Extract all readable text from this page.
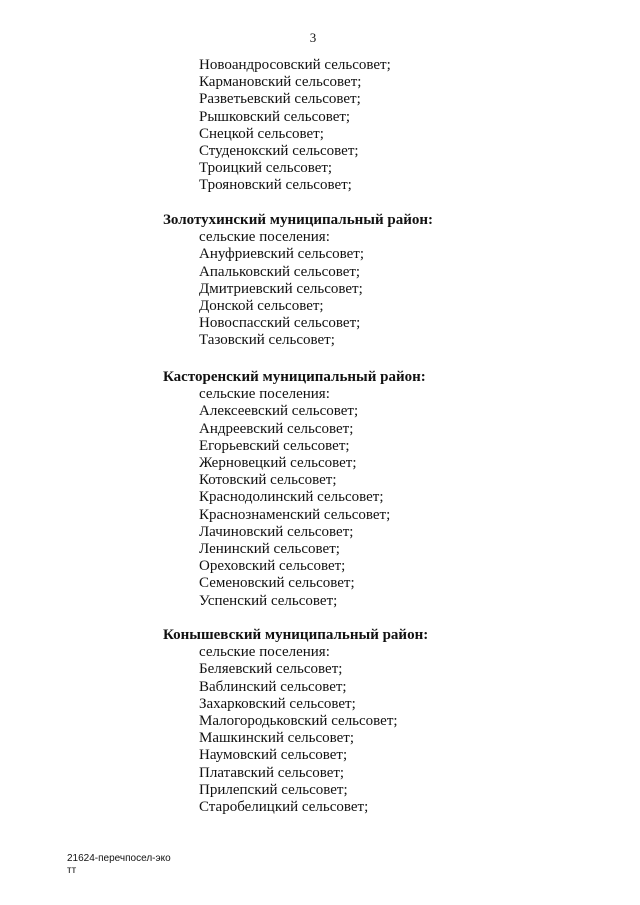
3
Новоандросовский сельсовет;
Кармановский сельсовет;
Разветьевский сельсовет;
Рышковский сельсовет;
Снецкой сельсовет;
Студенокский сельсовет;
Троицкий сельсовет;
Трояновский сельсовет;
Золотухинский муниципальный район:
сельские поселения:
Ануфриевский сельсовет;
Апальковский сельсовет;
Дмитриевский сельсовет;
Донской сельсовет;
Новоспасский сельсовет;
Тазовский сельсовет;
Касторенский муниципальный район:
сельские поселения:
Алексеевский сельсовет;
Андреевский сельсовет;
Егорьевский сельсовет;
Жерновецкий сельсовет;
Котовский сельсовет;
Краснодолинский сельсовет;
Краснознаменский сельсовет;
Лачиновский сельсовет;
Ленинский сельсовет;
Ореховский сельсовет;
Семеновский сельсовет;
Успенский сельсовет;
Конышевский муниципальный район:
сельские поселения:
Беляевский сельсовет;
Ваблинский сельсовет;
Захарковский сельсовет;
Малогородьковский сельсовет;
Машкинский сельсовет;
Наумовский сельсовет;
Платавский сельсовет;
Прилепский сельсовет;
Старобелицкий сельсовет;
21624-перечпосел-эко
тт
